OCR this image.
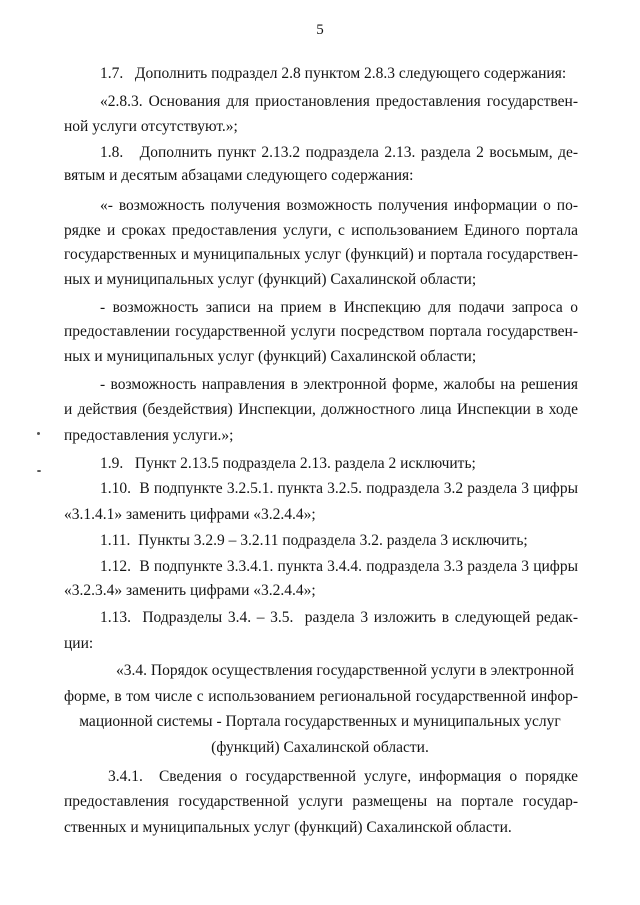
5
1.7.   Дополнить подраздел 2.8 пунктом 2.8.3 следующего содержания:
«2.8.3. Основания для приостановления предоставления государствен-
ной услуги отсутствуют.»;
1.8.   Дополнить пункт 2.13.2 подраздела 2.13. раздела 2 восьмым, де-
вятым и десятым абзацами следующего содержания:
«- возможность получения возможность получения информации о по-
рядке и сроках предоставления услуги, с использованием Единого портала
государственных и муниципальных услуг (функций) и портала государствен-
ных и муниципальных услуг (функций) Сахалинской области;
- возможность записи на прием в Инспекцию для подачи запроса о
предоставлении государственной услуги посредством портала государствен-
ных и муниципальных услуг (функций) Сахалинской области;
- возможность направления в электронной форме, жалобы на решения
и действия (бездействия) Инспекции, должностного лица Инспекции в ходе
предоставления услуги.»;
1.9.   Пункт 2.13.5 подраздела 2.13. раздела 2 исключить;
1.10.  В подпункте 3.2.5.1. пункта 3.2.5. подраздела 3.2 раздела 3 цифры
«3.1.4.1» заменить цифрами «3.2.4.4»;
1.11.  Пункты 3.2.9 – 3.2.11 подраздела 3.2. раздела 3 исключить;
1.12.  В подпункте 3.3.4.1. пункта 3.4.4. подраздела 3.3 раздела 3 цифры
«3.2.3.4» заменить цифрами «3.2.4.4»;
1.13.  Подразделы 3.4. – 3.5.  раздела 3 изложить в следующей редак-
ции:
«3.4. Порядок осуществления государственной услуги в электронной
форме, в том числе с использованием региональной государственной инфор-
мационной системы - Портала государственных и муниципальных услуг
(функций) Сахалинской области.
3.4.1.  Сведения о государственной услуге, информация о порядке
предоставления государственной услуги размещены на портале государ-
ственных и муниципальных услуг (функций) Сахалинской области.
